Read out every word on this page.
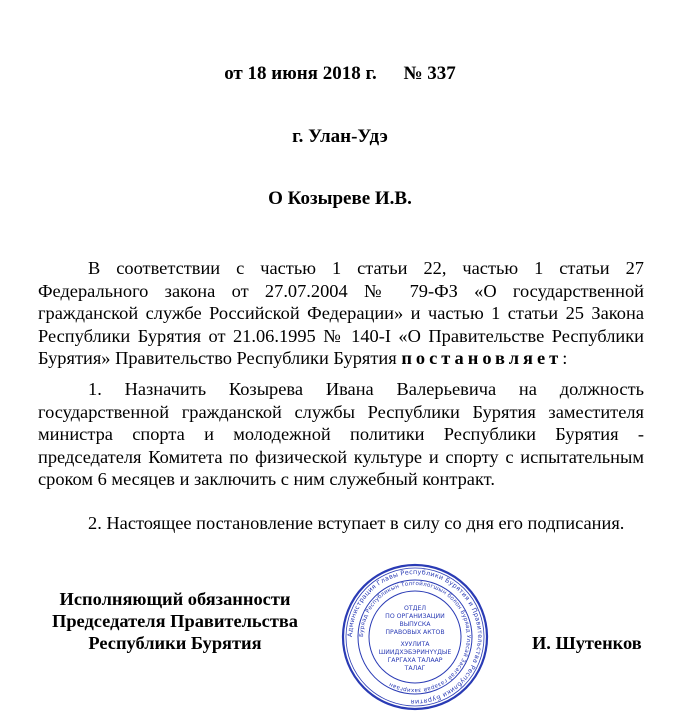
от 18 июня 2018 г. № 337
г. Улан-Удэ
О Козыреве И.В.

В соответствии с частью 1 статьи 22, частью 1 статьи 27 Федерального закона от 27.07.2004 № 79-ФЗ «О государственной гражданской службе Российской Федерации» и частью 1 статьи 25 Закона Республики Бурятия от 21.06.1995 № 140-I «О Правительстве Республики Бурятия» Правительство Республики Бурятия постановляет:

1. Назначить Козырева Ивана Валерьевича на должность государственной гражданской службы Республики Бурятия заместителя министра спорта и молодежной политики Республики Бурятия - председателя Комитета по физической культуре и спорту с испытательным сроком 6 месяцев и заключить с ним служебный контракт.

2. Настоящее постановление вступает в силу со дня его подписания.

Исполняющий обязанности
Председателя Правительства
Республики Бурятия	Администрация Главы Республики Бурятия и Правительства Республики Бурятия
Буряад Республикын Толгойлогшын болон Буряад Уласай Засагай газарай захиргаан
ОТДЕЛ
ПО ОРГАНИЗАЦИИ
ВЫПУСКА
ПРАВОВЫХ АКТОВ
ХУУЛИТА
ШИИДХЭБЭРИНҮҮДЫЕ
ГАРГАХА ТАЛААР
ТАЛАГ
И. Шутенков
